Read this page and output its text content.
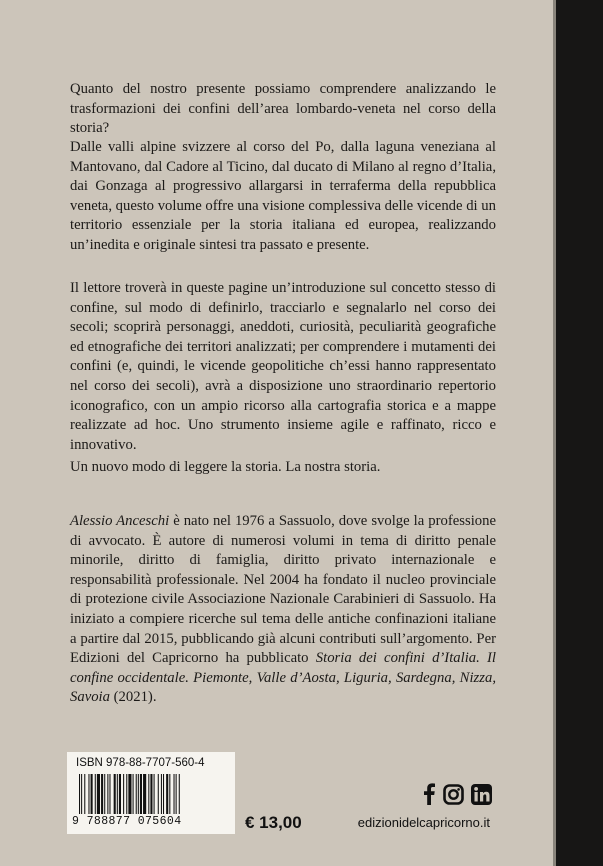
Quanto del nostro presente possiamo comprendere analizzando le trasformazioni dei confini dell’area lombardo-veneta nel corso della storia?

Dalle valli alpine svizzere al corso del Po, dalla laguna veneziana al Mantovano, dal Cadore al Ticino, dal ducato di Milano al regno d’Italia, dai Gonzaga al progressivo allargarsi in terraferma della repubblica veneta, questo volume offre una visione complessiva delle vicende di un territorio essenziale per la storia italiana ed europea, realizzando un’inedita e originale sintesi tra passato e presente.

Il lettore troverà in queste pagine un’introduzione sul concetto stesso di confine, sul modo di definirlo, tracciarlo e segnalarlo nel corso dei secoli; scoprirà personaggi, aneddoti, curiosità, peculiarità geografiche ed etnografiche dei territori analizzati; per comprendere i mutamenti dei confini (e, quindi, le vicende geopolitiche ch’essi hanno rappresentato nel corso dei secoli), avrà a disposizione uno straordinario repertorio iconografico, con un ampio ricorso alla cartografia storica e a mappe realizzate ad hoc. Uno strumento insieme agile e raffinato, ricco e innovativo.

Un nuovo modo di leggere la storia. La nostra storia.

Alessio Anceschi è nato nel 1976 a Sassuolo, dove svolge la professione di avvocato. È autore di numerosi volumi in tema di diritto penale minorile, diritto di famiglia, diritto privato internazionale e responsabilità professionale. Nel 2004 ha fondato il nucleo provinciale di protezione civile Associazione Nazionale Carabinieri di Sassuolo. Ha iniziato a compiere ricerche sul tema delle antiche confinazioni italiane a partire dal 2015, pubblicando già alcuni contributi sull’argomento. Per Edizioni del Capricorno ha pubblicato Storia dei confini d’Italia. Il confine occidentale. Piemonte, Valle d’Aosta, Liguria, Sardegna, Nizza, Savoia (2021).

ISBN 978-88-7707-560-4
9 788877 075604	€ 13,00	edizionidelcapricorno.it
